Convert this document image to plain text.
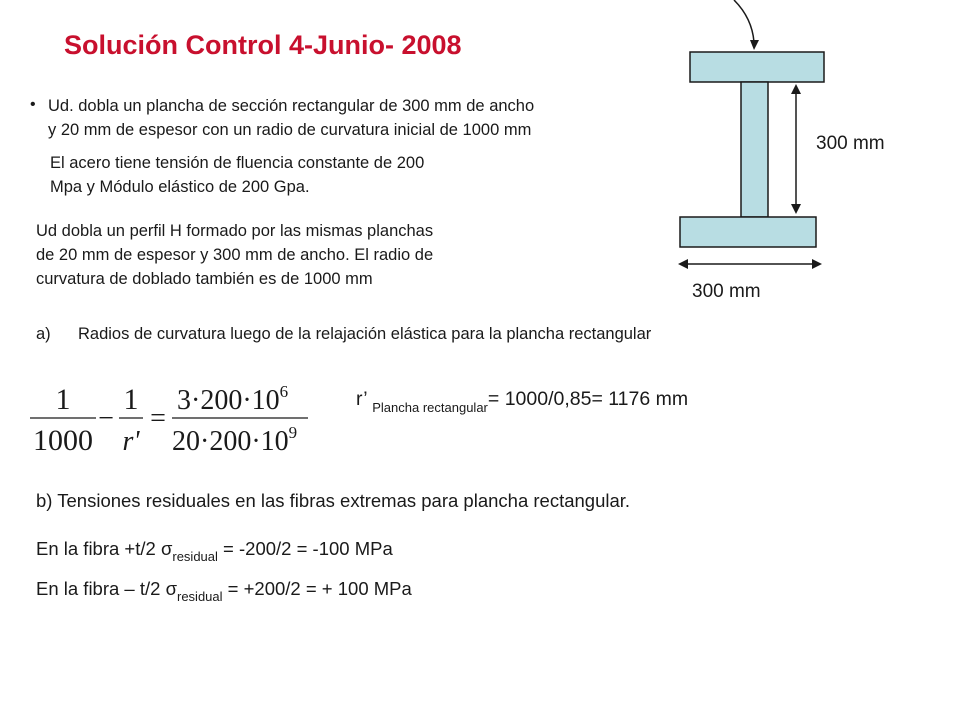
Solución Control 4-Junio- 2008
• Ud. dobla un plancha de sección rectangular de 300 mm de ancho
y 20 mm de espesor con un radio de curvatura inicial de 1000 mm
El acero tiene tensión de fluencia constante de 200
Mpa y Módulo elástico de 200 Gpa.
Ud dobla un perfil H formado por las mismas planchas
de 20 mm de espesor y 300 mm de ancho. El radio de
curvatura de doblado también es de 1000 mm
a) Radios de curvatura luego de la relajación elástica para la plancha rectangular
300 mm
300 mm
1
1000
−
1
r'
=
$3\cdot 200\cdot 10^6$
$20\cdot 200\cdot 10^9$
r’ $_{Plancha rectangular}$= 1000/0,85= 1176 mm
b) Tensiones residuales en las fibras extremas para plancha rectangular.
En la fibra +t/2 $\sigma_{residual} = -200/2 = -100$ MPa
En la fibra – t/2 $\sigma_{residual} = +200/2$ = + 100 MPa
